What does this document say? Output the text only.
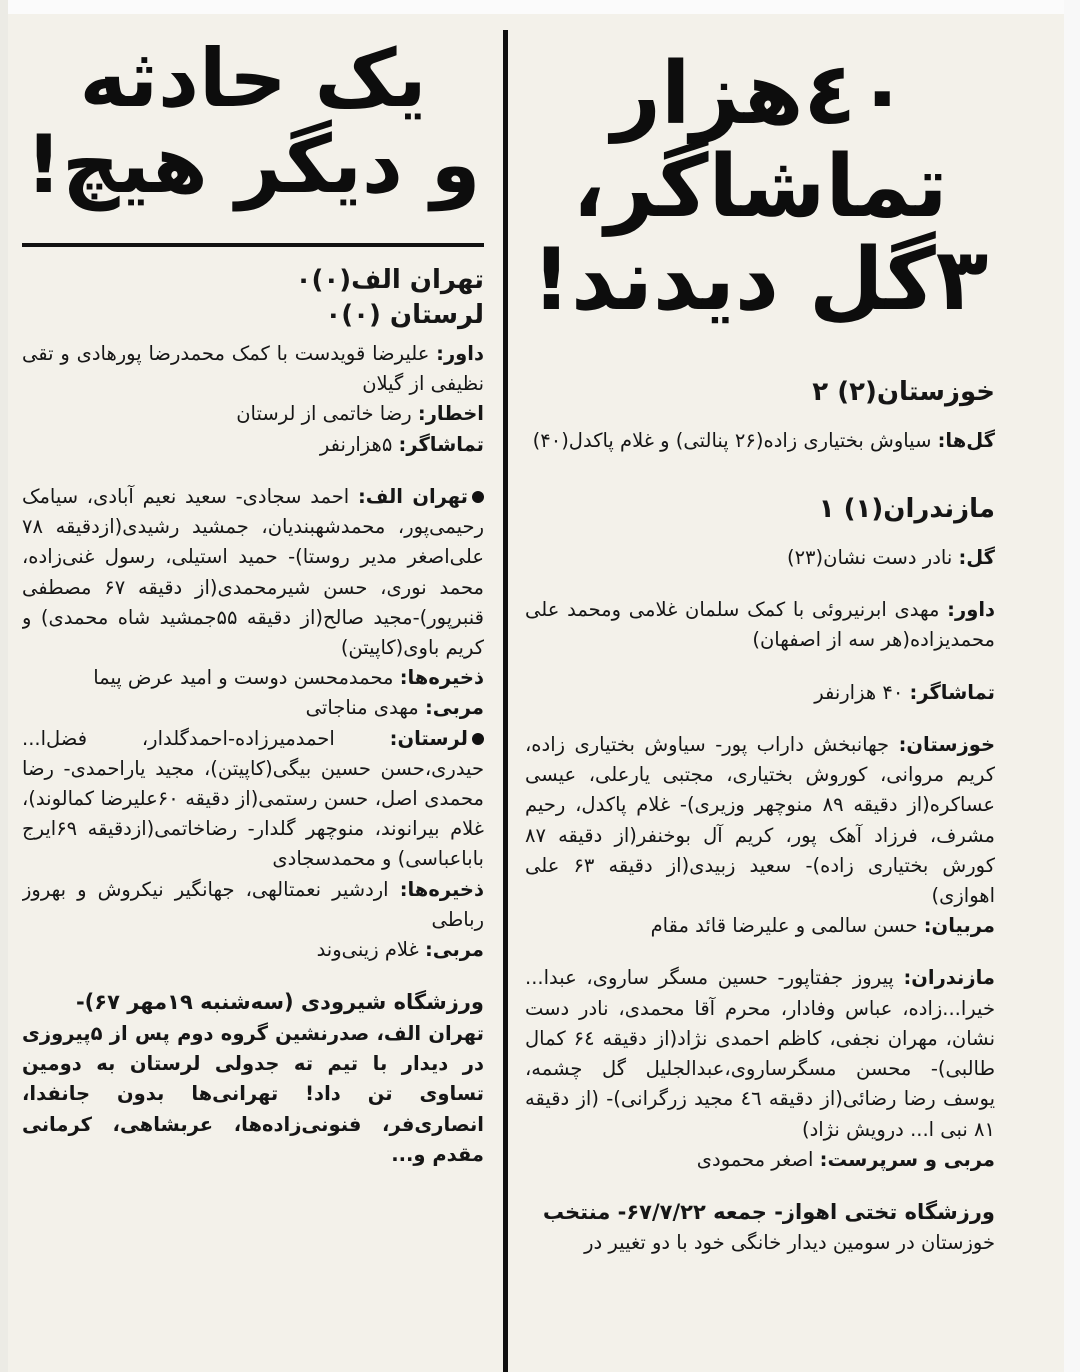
٤٠هزار
تماشاگر،
۳گل دیدند!
خوزستان(۲) ۲

گل‌ها: سیاوش بختیاری زاده(۲۶ پنالتی) و غلام پاکدل(۴۰)

مازندران(۱) ۱

گل: نادر دست نشان(۲۳)

داور: مهدی ابرنیروئی با کمک سلمان غلامی ومحمد علی محمدیزاده(هر سه از اصفهان)

تماشاگر: ۴۰ هزارنفر

خوزستان: جهانبخش داراب پور- سیاوش بختیاری زاده، کریم مروانی، کوروش بختیاری، مجتبی یارعلی، عیسی عساکره(از دقیقه ۸۹ منوچهر وزیری)- غلام پاکدل، رحیم مشرف، فرزاد آهک پور، کریم آل بوخنفر(از دقیقه ۸۷ کورش بختیاری زاده)- سعید زبیدی(از دقیقه ۶۳ علی اهوازی)

مربیان: حسن سالمی و علیرضا قائد مقام

مازندران: پیروز جفتاپور- حسین مسگر ساروی، عبدا... خیرا...زاده، عباس وفادار، محرم آقا محمدی، نادر دست نشان، مهران نجفی، کاظم احمدی نژاد(از دقیقه ۶٤ کمال طالبی)- محسن مسگرساروی،عبدالجلیل گل چشمه، یوسف رضا رضائی(از دقیقه ٤٦ مجید زرگرانی)- (از دقیقه ۸۱ نبی ا... درویش نژاد)

مربی و سرپرست: اصغر محمودی

ورزشگاه تختی اهواز- جمعه ۶۷/۷/۲۲- منتخب

خوزستان در سومین دیدار خانگی خود با دو تغییر در

یک حادثه
و دیگر هیچ!
تهران الف(۰)۰
لرستان (۰)۰

داور: علیرضا قویدست با کمک محمدرضا پورهادی و تقی نظیفی از گیلان

اخطار: رضا خاتمی از لرستان

تماشاگر: ۵هزارنفر

تهران الف: احمد سجادی- سعید نعیم آبادی، سیامک رحیمی‌پور، محمدشهبندیان، جمشید رشیدی(ازدقیقه ۷۸ علی‌اصغر مدیر روستا)- حمید استیلی، رسول غنی‌زاده، محمد نوری، حسن شیرمحمدی(از دقیقه ۶۷ مصطفی قنبرپور)-مجید صالح(از دقیقه ۵۵جمشید شاه محمدی) و کریم باوی(کاپیتن)

ذخیره‌ها: محمدمحسن دوست و امید عرض پیما

مربی: مهدی مناجاتی

لرستان: احمدمیرزاده-احمدگلدار، فضل‌ا... حیدری،حسن حسین بیگی(کاپیتن)، مجید یاراحمدی- رضا محمدی اصل، حسن رستمی(از دقیقه ۶۰علیرضا کمالوند)، غلام بیرانوند، منوچهر گلدار- رضاخاتمی(ازدقیقه ۶۹ایرج باباعباسی) و محمدسجادی

ذخیره‌ها: اردشیر نعمتالهی، جهانگیر نیکروش و بهروز رباطی

مربی: غلام زینی‌وند

ورزشگاه شیرودی (سه‌شنبه ۱۹مهر ۶۷)-

تهران الف، صدرنشین گروه دوم پس از ۵پیروزی در دیدار با تیم ته جدولی لرستان به دومین تساوی تن داد! تهرانی‌ها بدون جانفدا، انصاری‌فر، فنونی‌زاده‌ها، عربشاهی، کرمانی مقدم و...
